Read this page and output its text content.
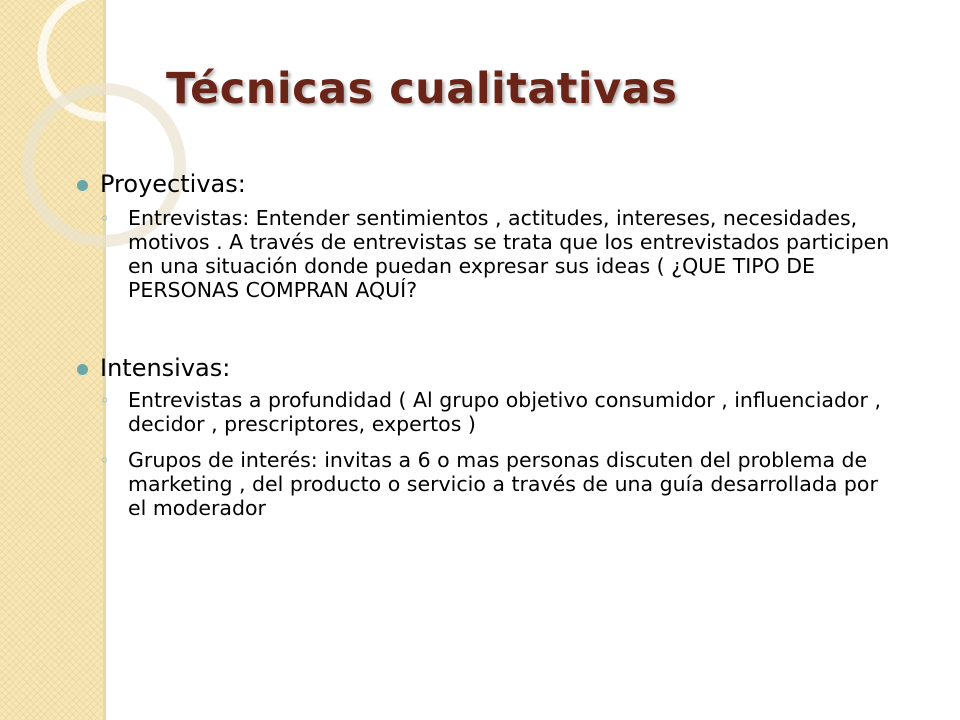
Técnicas cualitativas
Proyectivas:
◦ Entrevistas: Entender sentimientos , actitudes, intereses, necesidades, motivos . A través de entrevistas se trata que los entrevistados participen en una situación donde puedan expresar sus ideas ( ¿QUE TIPO DE PERSONAS COMPRAN AQUÍ?
Intensivas:
◦ Entrevistas a profundidad ( Al grupo objetivo consumidor , influenciador , decidor , prescriptores, expertos )
◦ Grupos de interés: invitas a 6 o mas personas discuten del problema de marketing , del producto o servicio a través de una guía desarrollada por el moderador
